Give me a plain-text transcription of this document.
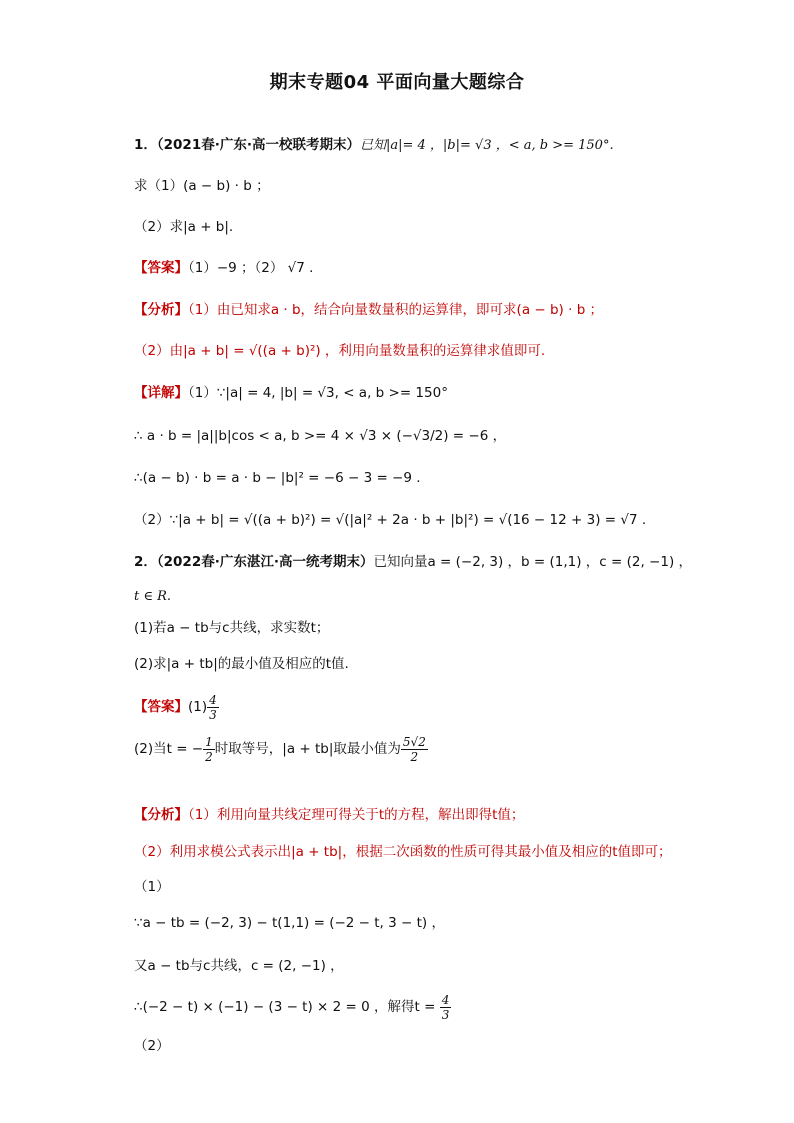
期末专题04 平面向量大题综合
1．（2021春·广东·高一校联考期末）已知|a|= 4 ，|b|= √3 ，< a, b >= 150°.
求（1）(a − b) · b ；
（2）求|a + b|.
【答案】（1）−9 ；（2） √7 .
【分析】（1）由已知求a · b，结合向量数量积的运算律，即可求(a − b) · b ；
（2）由|a + b| = √((a + b)²) ，利用向量数量积的运算律求值即可.
【详解】（1）∵|a| = 4, |b| = √3, < a, b >= 150°
∴ a · b = |a||b|cos < a, b >= 4 × √3 × (−√3/2) = −6 ，
∴(a − b) · b = a · b − |b|² = −6 − 3 = −9 .
（2）∵|a + b| = √((a + b)²) = √(|a|² + 2a · b + |b|²) = √(16 − 12 + 3) = √7 .
2．（2022春·广东湛江·高一统考期末）已知向量a = (−2, 3) ，b = (1,1) ，c = (2, −1) ，
t ∈ R.
(1)若a − tb与c共线，求实数t；
(2)求|a + tb|的最小值及相应的t值.
【答案】$(1) \frac{4}{3}$
(2)当t = − $\frac{1}{2}$ 时取等号，|a + tb|取最小值为 $\frac{5√2}{2}$
【分析】（1）利用向量共线定理可得关于t的方程，解出即得t值；
（2）利用求模公式表示出|a + tb|，根据二次函数的性质可得其最小值及相应的t值即可；
（1）
∵a − tb = (−2, 3) − t(1,1) = (−2 − t, 3 − t) ，
又a − tb与c共线，c = (2, −1) ，
∴(−2 − t) × (−1) − (3 − t) × 2 = 0 ，解得$t = \frac{4}{3}$
（2）
